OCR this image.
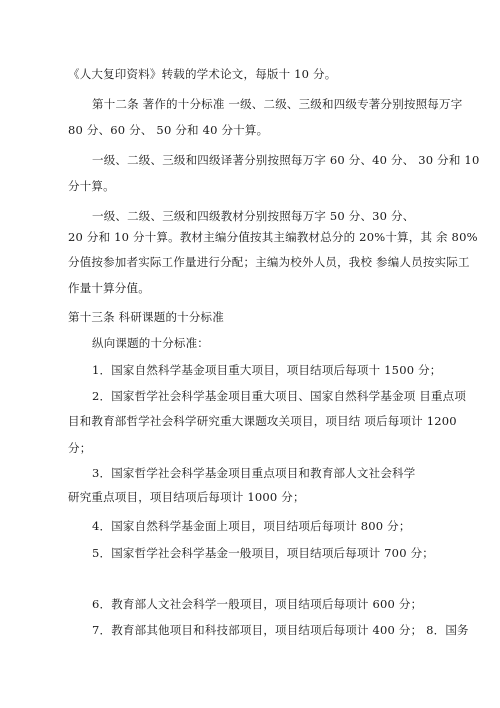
《人大复印资料》转载的学术论文，每版十 10 分。
第十二条 著作的十分标准 一级、二级、三级和四级专著分别按照每万字
80 分、60 分、 50 分和 40 分十算。
一级、二级、三级和四级译著分别按照每万字 60 分、40 分、 30 分和 10
分十算。
一级、二级、三级和四级教材分别按照每万字 50 分、30 分、
20 分和 10 分十算。教材主编分值按其主编教材总分的 20%十算，其 余 80%
分值按参加者实际工作量进行分配；主编为校外人员，我校 参编人员按实际工
作量十算分值。
第十三条 科研课题的十分标准
纵向课题的十分标准：
1．国家自然科学基金项目重大项目，项目结项后每项十 1500 分；
2．国家哲学社会科学基金项目重大项目、国家自然科学基金项 目重点项
目和教育部哲学社会科学研究重大课题攻关项目，项目结 项后每项计 1200
分；
3．国家哲学社会科学基金项目重点项目和教育部人文社会科学
研究重点项目，项目结项后每项计 1000 分；
4．国家自然科学基金面上项目，项目结项后每项计 800 分；
5．国家哲学社会科学基金一般项目，项目结项后每项计 700 分；
6．教育部人文社会科学一般项目，项目结项后每项计 600 分；
7．教育部其他项目和科技部项目，项目结项后每项计 400 分； 8．国务
